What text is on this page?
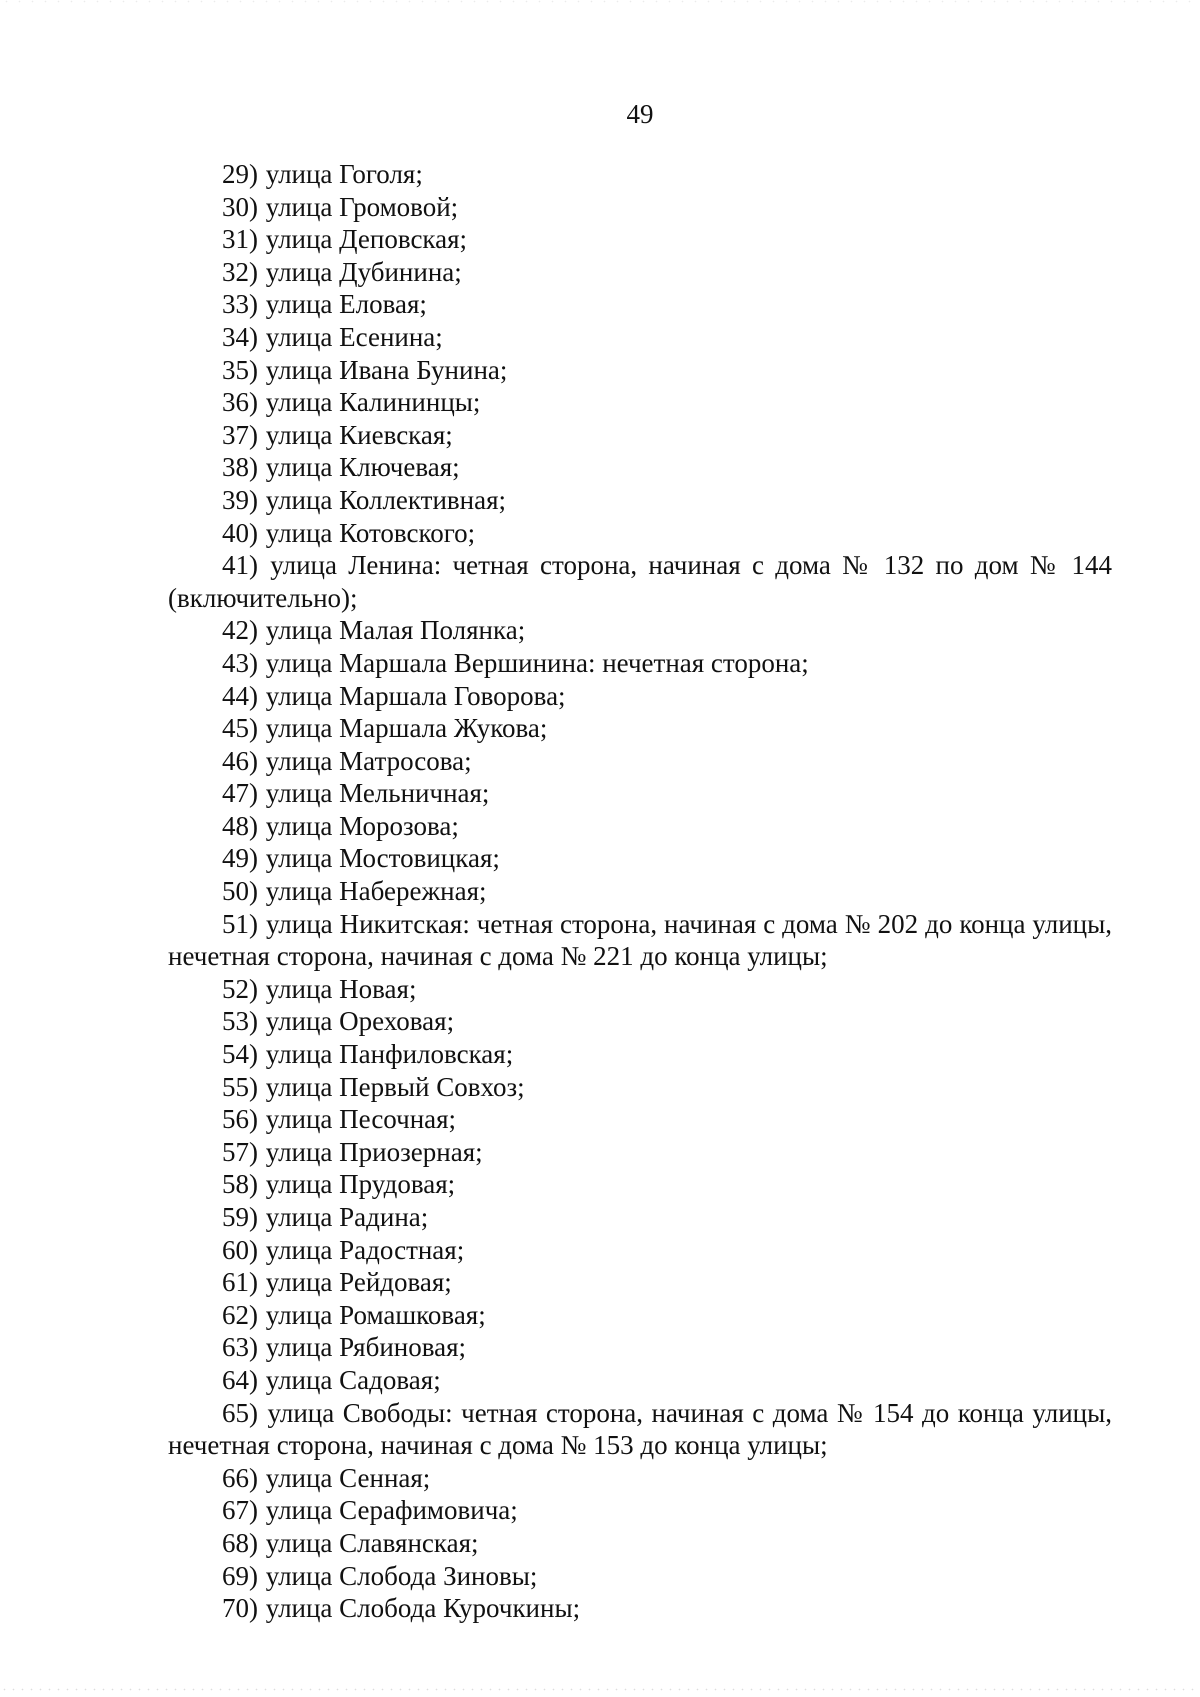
49

29) улица Гоголя;

30) улица Громовой;

31) улица Деповская;

32) улица Дубинина;

33) улица Еловая;

34) улица Есенина;

35) улица Ивана Бунина;

36) улица Калининцы;

37) улица Киевская;

38) улица Ключевая;

39) улица Коллективная;

40) улица Котовского;

41) улица Ленина: четная сторона, начиная с дома № 132 по дом № 144 (включительно);

42) улица Малая Полянка;

43) улица Маршала Вершинина: нечетная сторона;

44) улица Маршала Говорова;

45) улица Маршала Жукова;

46) улица Матросова;

47) улица Мельничная;

48) улица Морозова;

49) улица Мостовицкая;

50) улица Набережная;

51) улица Никитская: четная сторона, начиная с дома № 202 до конца улицы, нечетная сторона, начиная с дома № 221 до конца улицы;

52) улица Новая;

53) улица Ореховая;

54) улица Панфиловская;

55) улица Первый Совхоз;

56) улица Песочная;

57) улица Приозерная;

58) улица Прудовая;

59) улица Радина;

60) улица Радостная;

61) улица Рейдовая;

62) улица Ромашковая;

63) улица Рябиновая;

64) улица Садовая;

65) улица Свободы: четная сторона, начиная с дома № 154 до конца улицы, нечетная сторона, начиная с дома № 153 до конца улицы;

66) улица Сенная;

67) улица Серафимовича;

68) улица Славянская;

69) улица Слобода Зиновы;

70) улица Слобода Курочкины;
